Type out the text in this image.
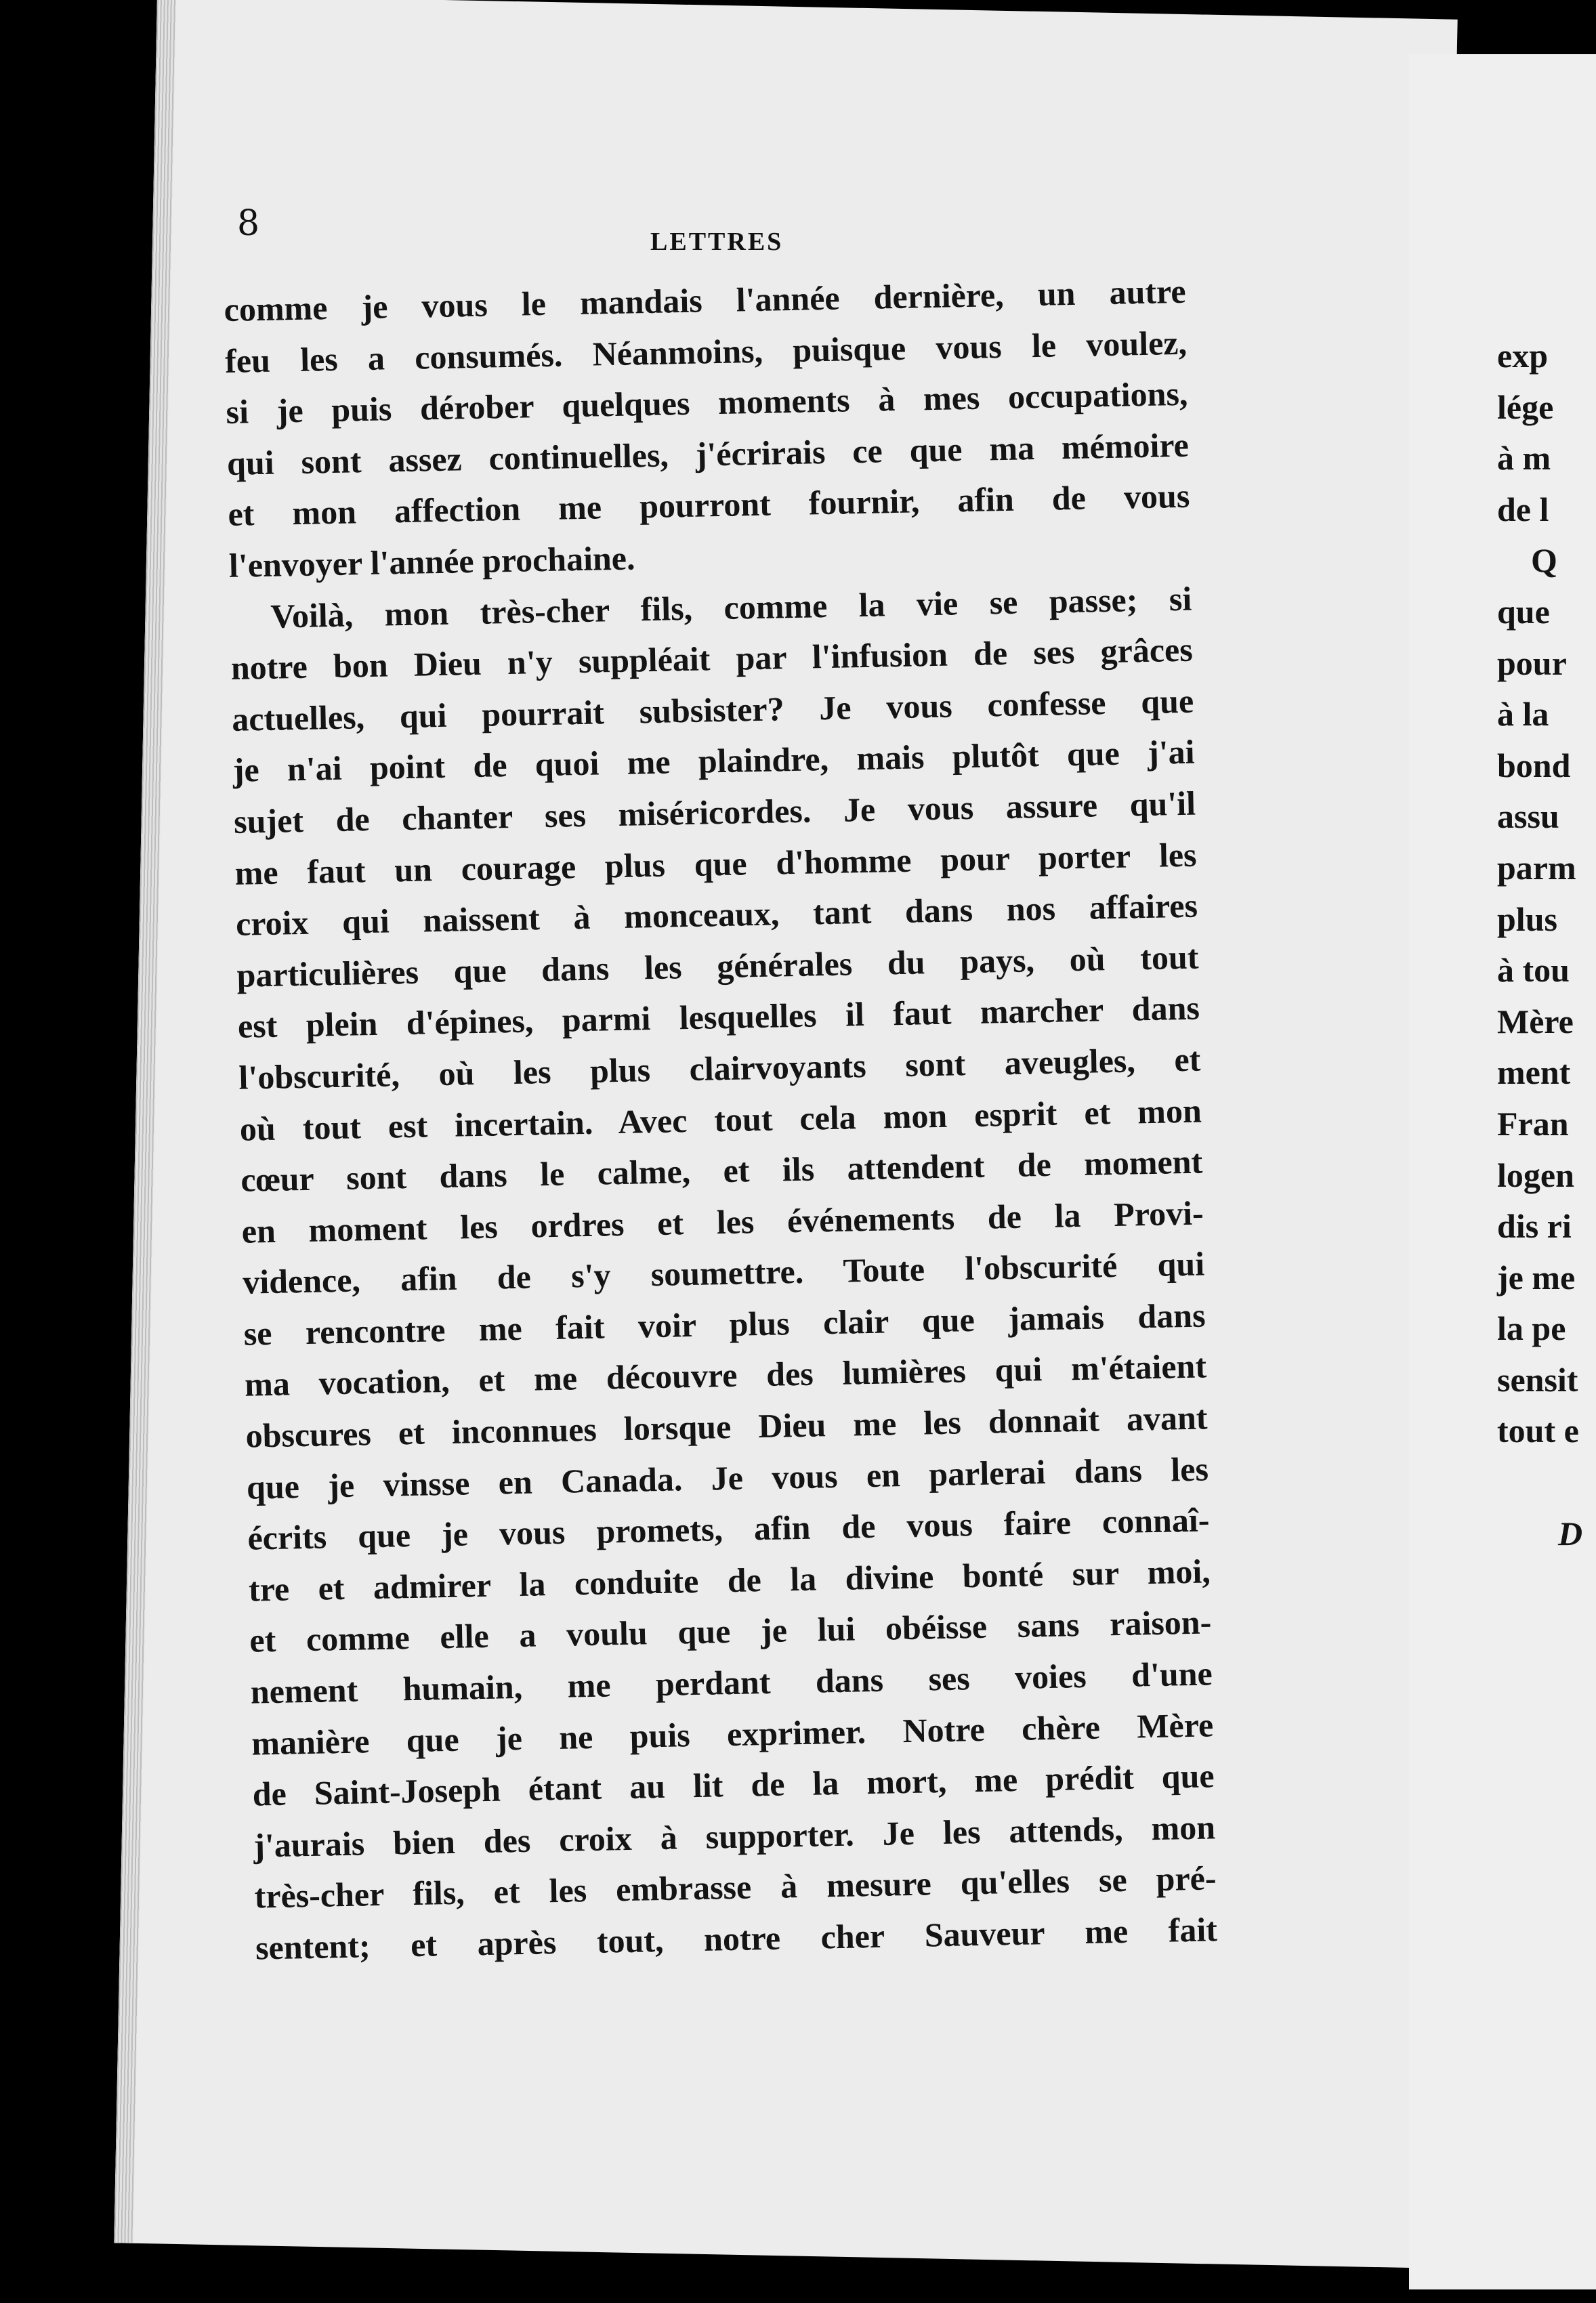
8	LETTRES
comme je vous le mandais l'année dernière, un autre
feu les a consumés. Néanmoins, puisque vous le voulez,
si je puis dérober quelques moments à mes occupations,
qui sont assez continuelles, j'écrirais ce que ma mémoire
et mon affection me pourront fournir, afin de vous
l'envoyer l'année prochaine.
Voilà, mon très-cher fils, comme la vie se passe; si
notre bon Dieu n'y suppléait par l'infusion de ses grâces
actuelles, qui pourrait subsister? Je vous confesse que
je n'ai point de quoi me plaindre, mais plutôt que j'ai
sujet de chanter ses miséricordes. Je vous assure qu'il
me faut un courage plus que d'homme pour porter les
croix qui naissent à monceaux, tant dans nos affaires
particulières que dans les générales du pays, où tout
est plein d'épines, parmi lesquelles il faut marcher dans
l'obscurité, où les plus clairvoyants sont aveugles, et
où tout est incertain. Avec tout cela mon esprit et mon
cœur sont dans le calme, et ils attendent de moment
en moment les ordres et les événements de la Provi-
vidence, afin de s'y soumettre. Toute l'obscurité qui
se rencontre me fait voir plus clair que jamais dans
ma vocation, et me découvre des lumières qui m'étaient
obscures et inconnues lorsque Dieu me les donnait avant
que je vinsse en Canada. Je vous en parlerai dans les
écrits que je vous promets, afin de vous faire connaî-
tre et admirer la conduite de la divine bonté sur moi,
et comme elle a voulu que je lui obéisse sans raison-
nement humain, me perdant dans ses voies d'une
manière que je ne puis exprimer. Notre chère Mère
de Saint-Joseph étant au lit de la mort, me prédit que
j'aurais bien des croix à supporter. Je les attends, mon
très-cher fils, et les embrasse à mesure qu'elles se pré-
sentent; et après tout, notre cher Sauveur me fait
exp
lége
à m
de l
Q
que
pour
à la
bond
assu
parm
plus
à tou
Mère
ment
Fran
logen
dis ri
je me
la pe
sensit
tout e
D
